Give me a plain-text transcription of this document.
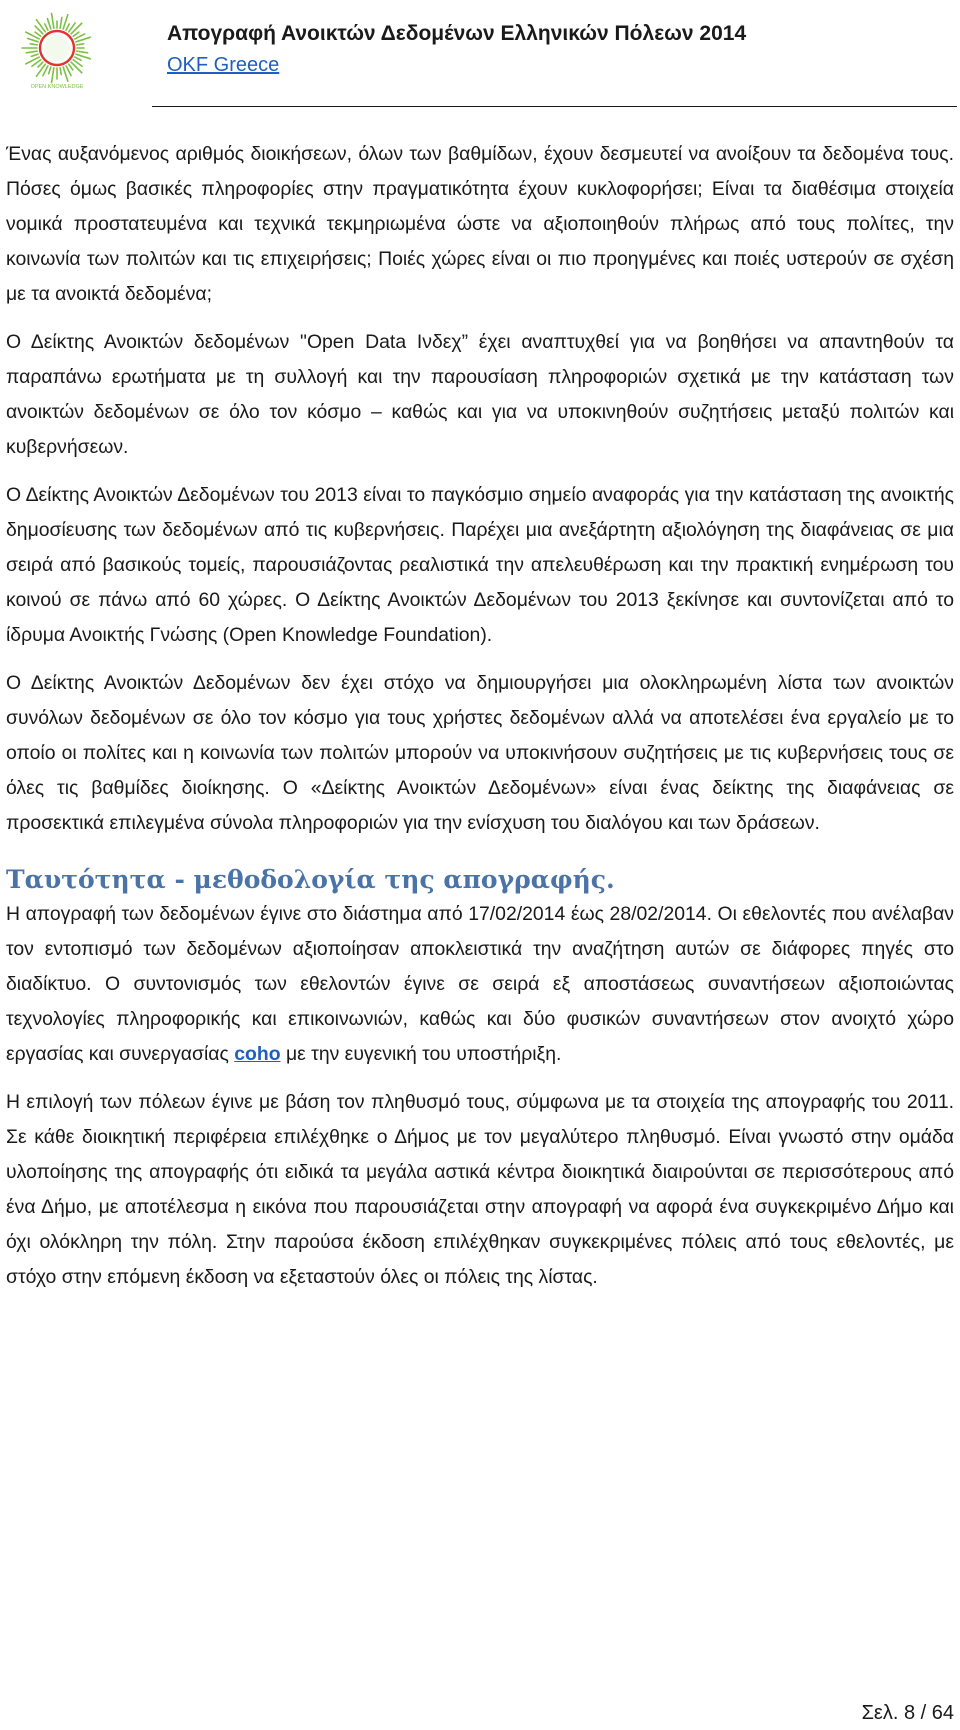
OPEN KNOWLEDGE
Απογραφή Ανοικτών Δεδομένων Ελληνικών Πόλεων 2014
OKF Greece

Ένας αυξανόμενος αριθμός διοικήσεων, όλων των βαθμίδων, έχουν δεσμευτεί να ανοίξουν τα δεδομένα τους. Πόσες όμως βασικές πληροφορίες στην πραγματικότητα έχουν κυκλοφορήσει; Είναι τα διαθέσιμα στοιχεία νομικά προστατευμένα και τεχνικά τεκμηριωμένα ώστε να αξιοποιηθούν πλήρως από τους πολίτες, την κοινωνία των πολιτών και τις επιχειρήσεις; Ποιές χώρες είναι οι πιο προηγμένες και ποιές υστερούν σε σχέση με τα ανοικτά δεδομένα;

Ο Δείκτης Ανοικτών δεδομένων "Open Data Ινδεχ” έχει αναπτυχθεί για να βοηθήσει να απαντηθούν τα παραπάνω ερωτήματα με τη συλλογή και την παρουσίαση πληροφοριών σχετικά με την κατάσταση των ανοικτών δεδομένων σε όλο τον κόσμο – καθώς και για να υποκινηθούν συζητήσεις μεταξύ πολιτών και κυβερνήσεων.

Ο Δείκτης Ανοικτών Δεδομένων του 2013 είναι το παγκόσμιο σημείο αναφοράς για την κατάσταση της ανοικτής δημοσίευσης των δεδομένων από τις κυβερνήσεις. Παρέχει μια ανεξάρτητη αξιολόγηση της διαφάνειας σε μια σειρά από βασικούς τομείς, παρουσιάζοντας ρεαλιστικά την απελευθέρωση και την πρακτική ενημέρωση του κοινού σε πάνω από 60 χώρες. Ο Δείκτης Ανοικτών Δεδομένων του 2013 ξεκίνησε και συντονίζεται από το ίδρυμα Ανοικτής Γνώσης (Open Knowledge Foundation).

Ο Δείκτης Ανοικτών Δεδομένων δεν έχει στόχο να δημιουργήσει μια ολοκληρωμένη λίστα των ανοικτών συνόλων δεδομένων σε όλο τον κόσμο για τους χρήστες δεδομένων αλλά να αποτελέσει ένα εργαλείο με το οποίο οι πολίτες και η κοινωνία των πολιτών μπορούν να υποκινήσουν συζητήσεις με τις κυβερνήσεις τους σε όλες τις βαθμίδες διοίκησης. Ο «Δείκτης Ανοικτών Δεδομένων» είναι ένας δείκτης της διαφάνειας σε προσεκτικά επιλεγμένα σύνολα πληροφοριών για την ενίσχυση του διαλόγου και των δράσεων.

Ταυτότητα - μεθοδολογία της απογραφής.

Η απογραφή των δεδομένων έγινε στο διάστημα από 17/02/2014 έως 28/02/2014. Οι εθελοντές που ανέλαβαν τον εντοπισμό των δεδομένων αξιοποίησαν αποκλειστικά την αναζήτηση αυτών σε διάφορες πηγές στο διαδίκτυο. Ο συντονισμός των εθελοντών έγινε σε σειρά εξ αποστάσεως συναντήσεων αξιοποιώντας τεχνολογίες πληροφορικής και επικοινωνιών, καθώς και δύο φυσικών συναντήσεων στον ανοιχτό χώρο εργασίας και συνεργασίας coho με την ευγενική του υποστήριξη.

Η επιλογή των πόλεων έγινε με βάση τον πληθυσμό τους, σύμφωνα με τα στοιχεία της απογραφής του 2011. Σε κάθε διοικητική περιφέρεια επιλέχθηκε ο Δήμος με τον μεγαλύτερο πληθυσμό. Είναι γνωστό στην ομάδα υλοποίησης της απογραφής ότι ειδικά τα μεγάλα αστικά κέντρα διοικητικά διαιρούνται σε περισσότερους από ένα Δήμο, με αποτέλεσμα η εικόνα που παρουσιάζεται στην απογραφή να αφορά ένα συγκεκριμένο Δήμο και όχι ολόκληρη την πόλη. Στην παρούσα έκδοση επιλέχθηκαν συγκεκριμένες πόλεις από τους εθελοντές, με στόχο στην επόμενη έκδοση να εξεταστούν όλες οι πόλεις της λίστας.

Σελ. 8 / 64
